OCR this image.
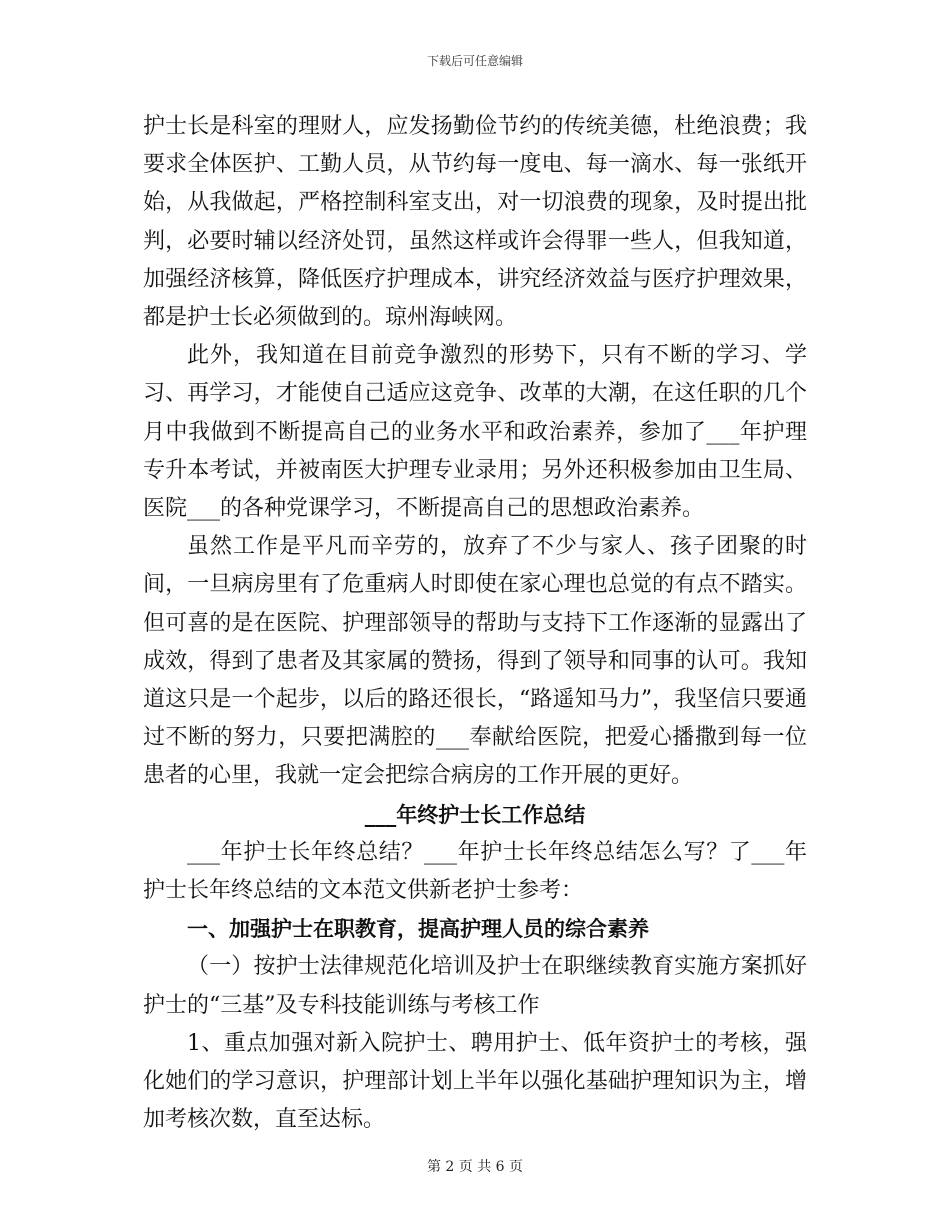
下载后可任意编辑

护士长是科室的理财人，应发扬勤俭节约的传统美德，杜绝浪费；我要求全体医护、工勤人员，从节约每一度电、每一滴水、每一张纸开始，从我做起，严格控制科室支出，对一切浪费的现象，及时提出批判，必要时辅以经济处罚，虽然这样或许会得罪一些人，但我知道，加强经济核算，降低医疗护理成本，讲究经济效益与医疗护理效果，都是护士长必须做到的。琼州海峡网。

此外，我知道在目前竞争激烈的形势下，只有不断的学习、学习、再学习，才能使自己适应这竞争、改革的大潮，在这任职的几个月中我做到不断提高自己的业务水平和政治素养，参加了___年护理专升本考试，并被南医大护理专业录用；另外还积极参加由卫生局、医院___的各种党课学习，不断提高自己的思想政治素养。

虽然工作是平凡而辛劳的，放弃了不少与家人、孩子团聚的时间，一旦病房里有了危重病人时即使在家心理也总觉的有点不踏实。但可喜的是在医院、护理部领导的帮助与支持下工作逐渐的显露出了成效，得到了患者及其家属的赞扬，得到了领导和同事的认可。我知道这只是一个起步，以后的路还很长，“路遥知马力”，我坚信只要通过不断的努力，只要把满腔的___奉献给医院，把爱心播撒到每一位患者的心里，我就一定会把综合病房的工作开展的更好。

___年终护士长工作总结

___年护士长年终总结？___年护士长年终总结怎么写？了___年护士长年终总结的文本范文供新老护士参考：

一、加强护士在职教育，提高护理人员的综合素养

（一）按护士法律规范化培训及护士在职继续教育实施方案抓好护士的“三基”及专科技能训练与考核工作

1、重点加强对新入院护士、聘用护士、低年资护士的考核，强化她们的学习意识，护理部计划上半年以强化基础护理知识为主，增加考核次数，直至达标。

第 2 页 共 6 页
